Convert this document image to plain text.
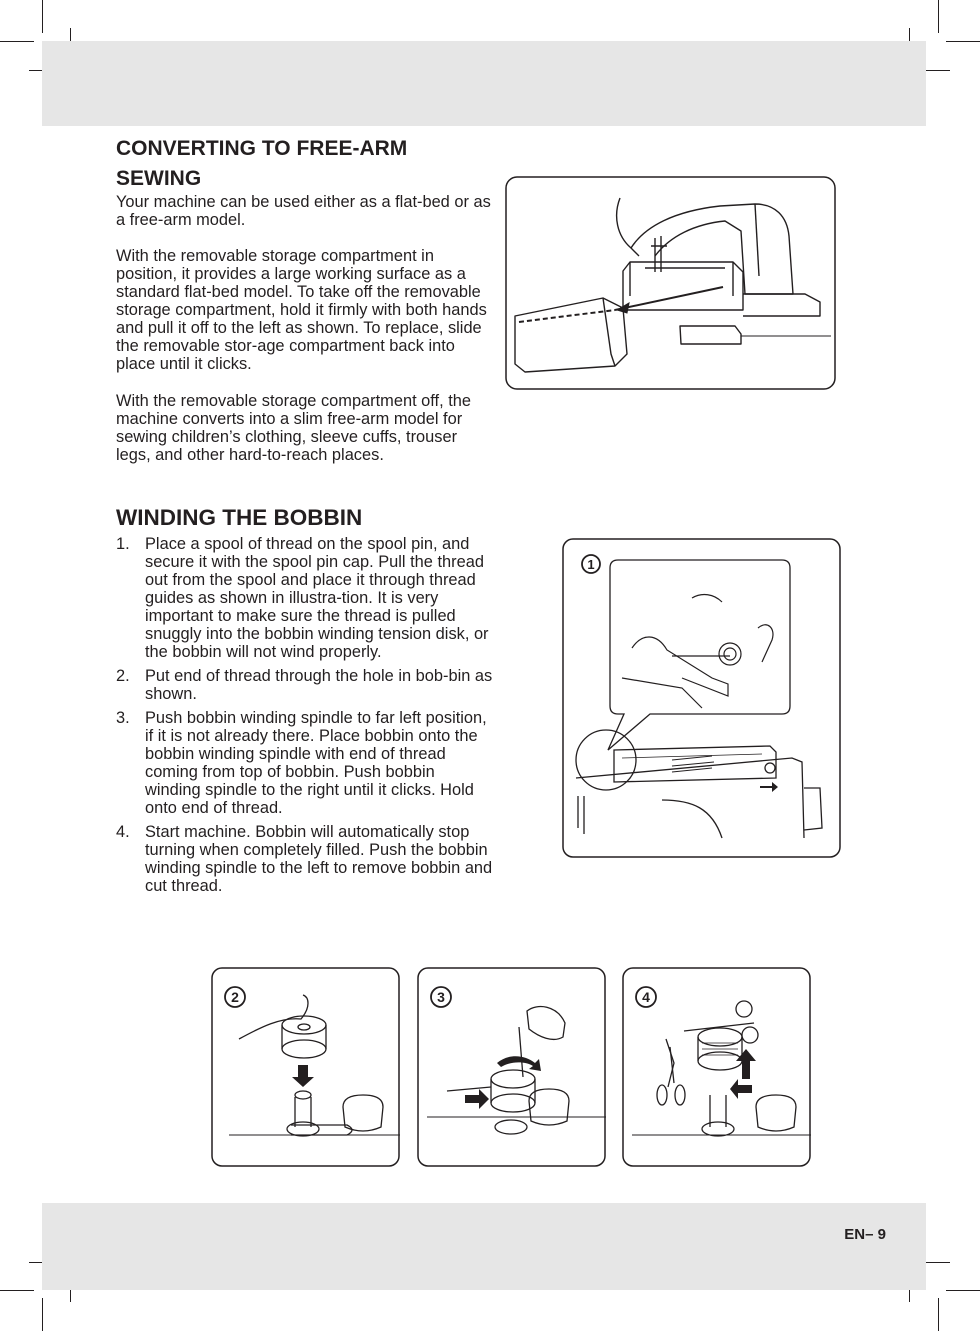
CONVERTING TO FREE-ARM SEWING

Your machine can be used either as a flat-bed or as a free-arm model.

With the removable storage compartment in position, it provides a large working surface as a standard flat-bed model. To take off the removable storage compartment, hold it firmly with both hands and pull it off to the left as shown. To replace, slide the removable stor-age compartment back into place until it clicks.

With the removable storage compartment off, the machine converts into a slim free-arm model for sewing children’s clothing, sleeve cuffs, trouser legs, and other hard-to-reach places.

WINDING THE BOBBIN
1. Place a spool of thread on the spool pin, and secure it with the spool pin cap. Pull the thread out from the spool and place it through thread guides as shown in illustra-tion. It is very important to make sure the thread is pulled snuggly into the bobbin winding tension disk, or the bobbin will not wind properly.
2. Put end of thread through the hole in bob-bin as shown.
3. Push bobbin winding spindle to far left position, if it is not already there. Place bobbin onto the bobbin winding spindle with end of thread coming from top of bobbin. Push bobbin winding spindle to the right until it clicks. Hold onto end of thread.
4. Start machine. Bobbin will automatically stop turning when completely filled. Push the bobbin winding spindle to the left to remove bobbin and cut thread.
1
2	3	4
EN– 9
